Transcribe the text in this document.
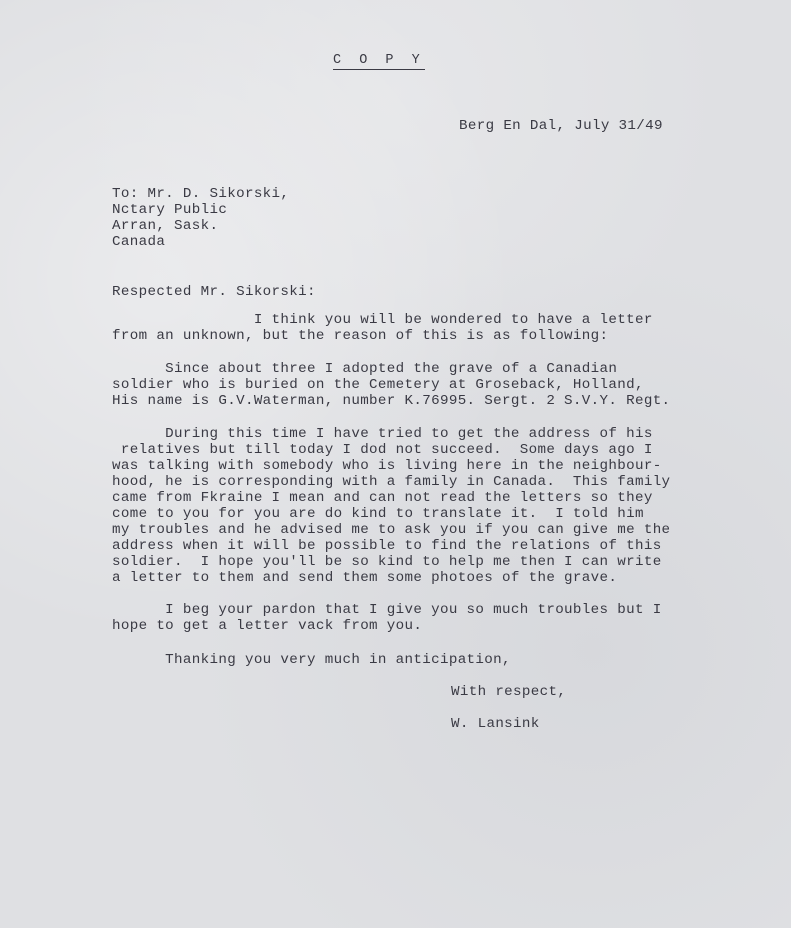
C O P Y
Berg En Dal, July 31/49
To: Mr. D. Sikorski,
Nctary Public
Arran, Sask.
Canada
Respected Mr. Sikorski:
I think you will be wondered to have a letter
from an unknown, but the reason of this is as following:
Since about three I adopted the grave of a Canadian
soldier who is buried on the Cemetery at Groseback, Holland,
His name is G.V.Waterman, number K.76995. Sergt. 2 S.V.Y. Regt.
During this time I have tried to get the address of his
relatives but till today I dod not succeed.  Some days ago I
was talking with somebody who is living here in the neighbour-
hood, he is corresponding with a family in Canada.  This family
came from Fkraine I mean and can not read the letters so they
come to you for you are do kind to translate it.  I told him
my troubles and he advised me to ask you if you can give me the
address when it will be possible to find the relations of this
soldier.  I hope you'll be so kind to help me then I can write
a letter to them and send them some photoes of the grave.
I beg your pardon that I give you so much troubles but I
hope to get a letter vack from you.
Thanking you very much in anticipation,
With respect,
W. Lansink
